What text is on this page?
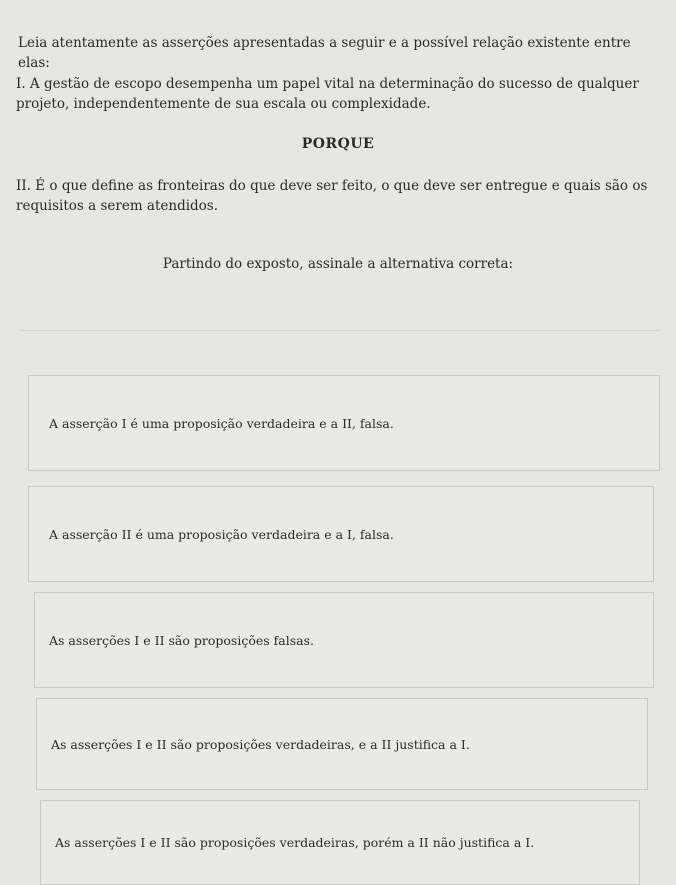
Leia atentamente as asserções apresentadas a seguir e a possível relação existente entre elas:
I. A gestão de escopo desempenha um papel vital na determinação do sucesso de qualquer projeto, independentemente de sua escala ou complexidade.
PORQUE
II. É o que define as fronteiras do que deve ser feito, o que deve ser entregue e quais são os requisitos a serem atendidos.
Partindo do exposto, assinale a alternativa correta:
A asserção I é uma proposição verdadeira e a II, falsa.
A asserção II é uma proposição verdadeira e a I, falsa.
As asserções I e II são proposições falsas.
As asserções I e II são proposições verdadeiras, e a II justifica a I.
As asserções I e II são proposições verdadeiras, porém a II não justifica a I.
